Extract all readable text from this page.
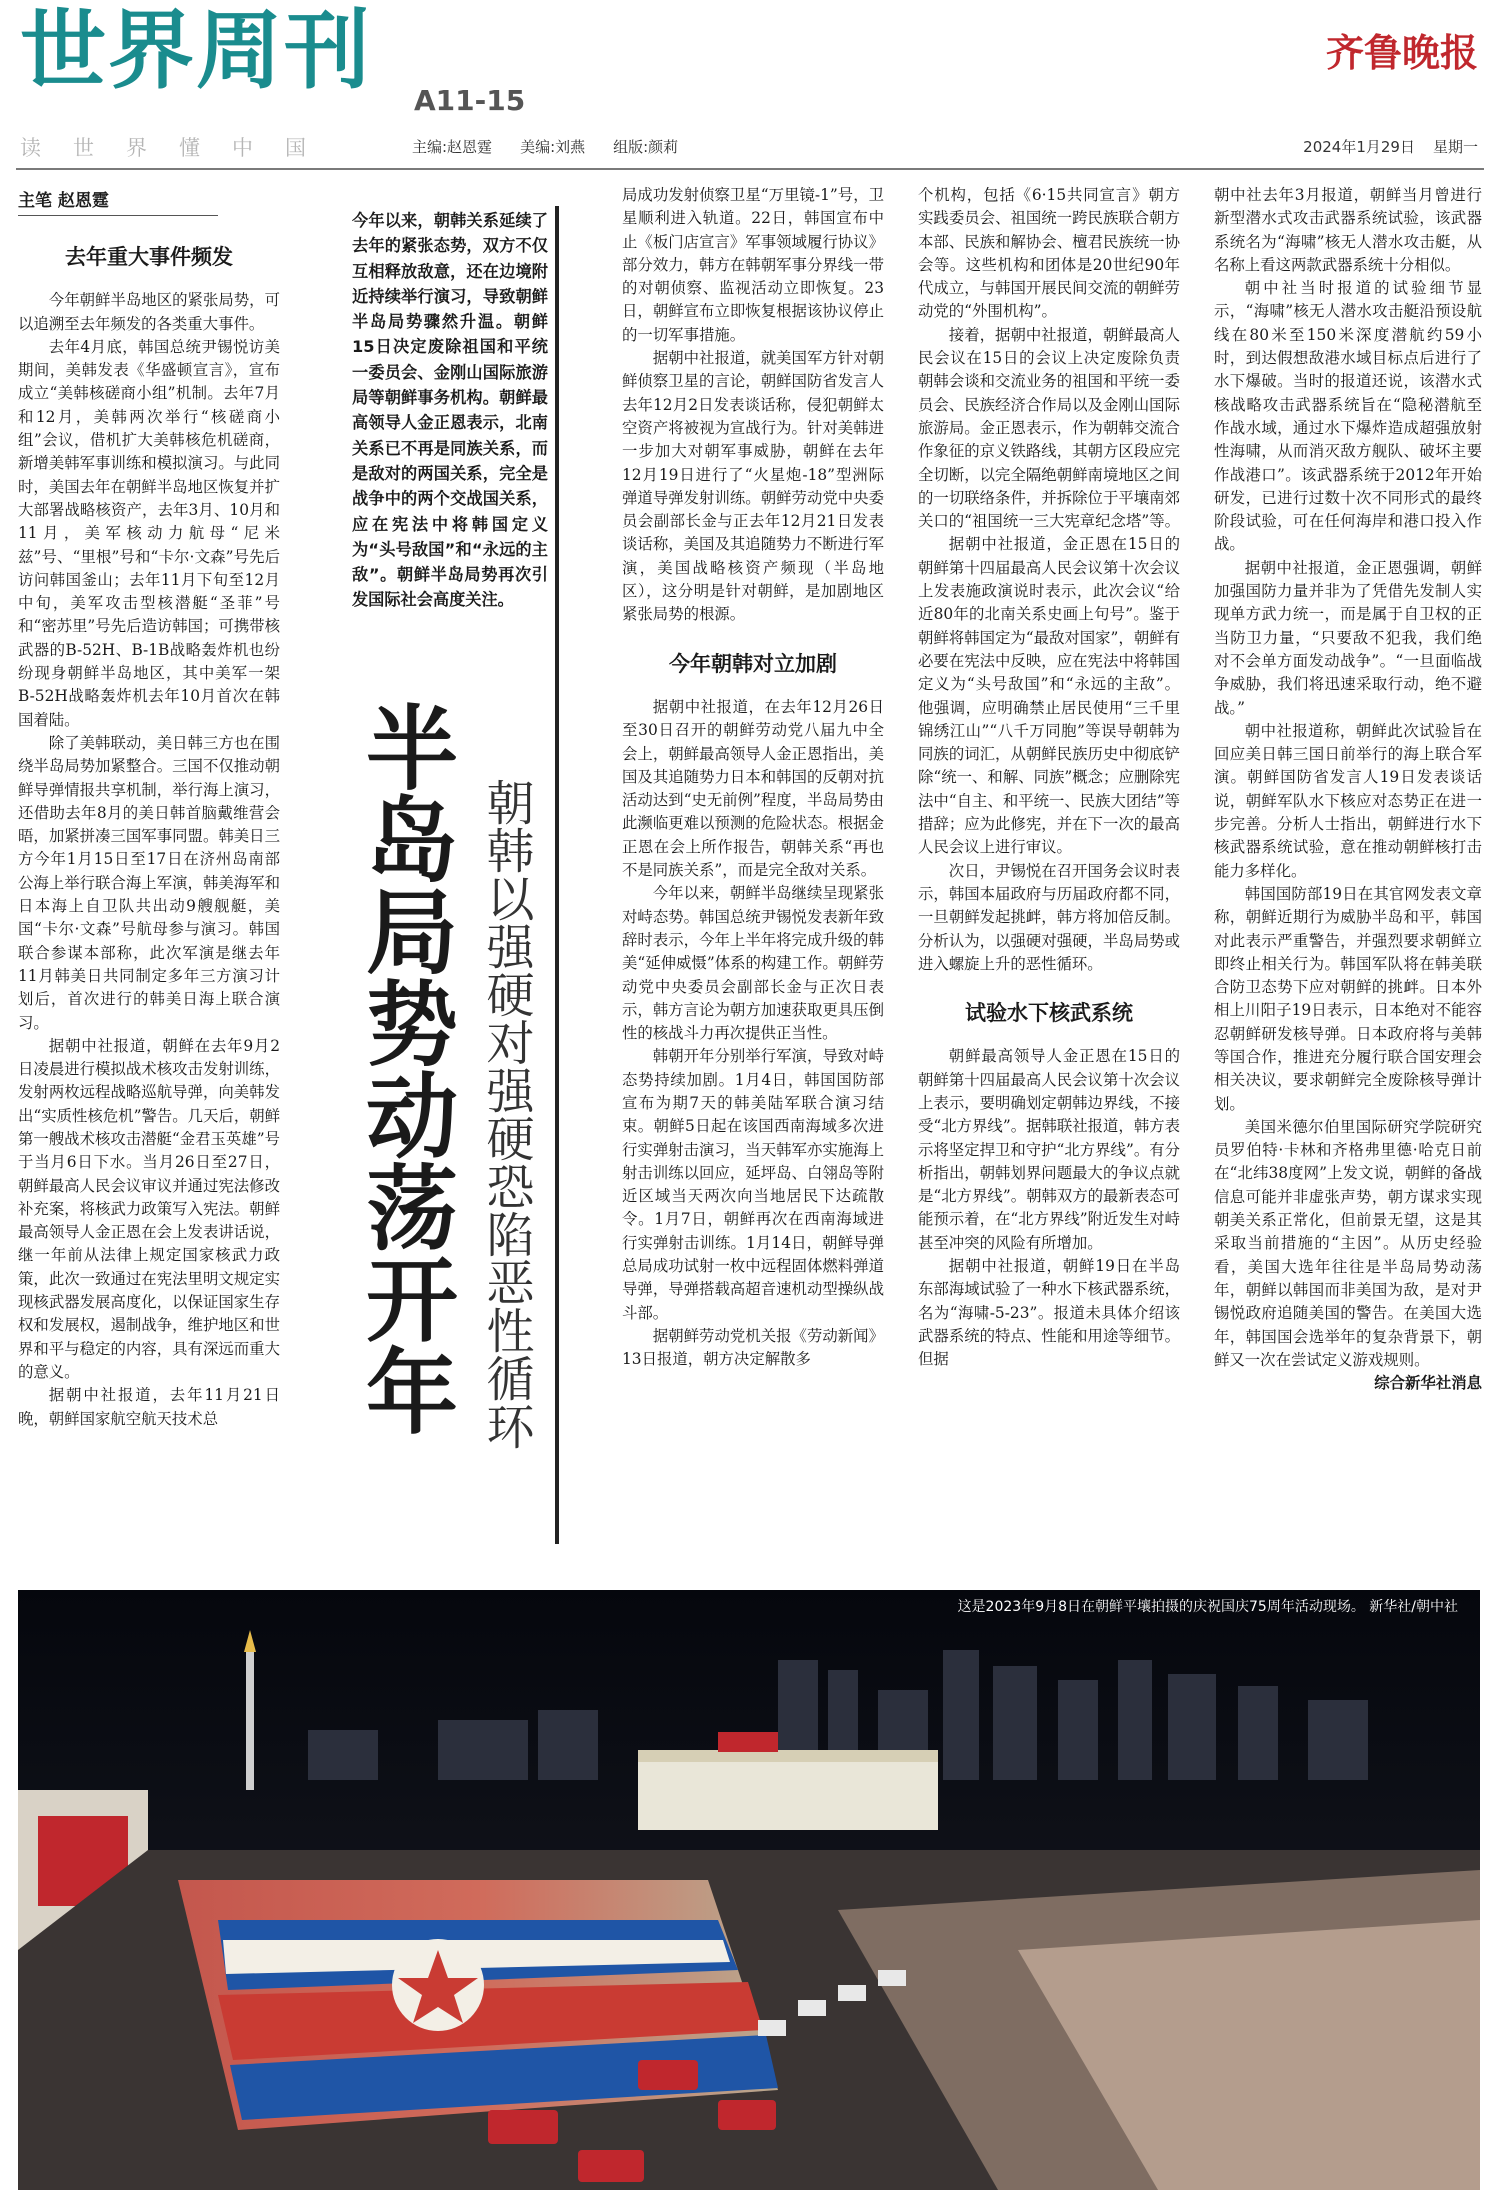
世界周刊 A11-15
齐鲁晚报
读 世 界 懂 中 国	主编:赵恩霆 美编:刘燕 组版:颜莉	2024年1月29日 星期一
主笔 赵恩霆

去年重大事件频发

今年朝鲜半岛地区的紧张局势，可以追溯至去年频发的各类重大事件。

去年4月底，韩国总统尹锡悦访美期间，美韩发表《华盛顿宣言》，宣布成立“美韩核磋商小组”机制。去年7月和12月，美韩两次举行“核磋商小组”会议，借机扩大美韩核危机磋商，新增美韩军事训练和模拟演习。与此同时，美国去年在朝鲜半岛地区恢复并扩大部署战略核资产，去年3月、10月和11月，美军核动力航母“尼米兹”号、“里根”号和“卡尔·文森”号先后访问韩国釜山；去年11月下旬至12月中旬，美军攻击型核潜艇“圣菲”号和“密苏里”号先后造访韩国；可携带核武器的B-52H、B-1B战略轰炸机也纷纷现身朝鲜半岛地区，其中美军一架B-52H战略轰炸机去年10月首次在韩国着陆。

除了美韩联动，美日韩三方也在围绕半岛局势加紧整合。三国不仅推动朝鲜导弹情报共享机制，举行海上演习，还借助去年8月的美日韩首脑戴维营会晤，加紧拼凑三国军事同盟。韩美日三方今年1月15日至17日在济州岛南部公海上举行联合海上军演，韩美海军和日本海上自卫队共出动9艘舰艇，美国“卡尔·文森”号航母参与演习。韩国联合参谋本部称，此次军演是继去年11月韩美日共同制定多年三方演习计划后，首次进行的韩美日海上联合演习。

据朝中社报道，朝鲜在去年9月2日凌晨进行模拟战术核攻击发射训练，发射两枚远程战略巡航导弹，向美韩发出“实质性核危机”警告。几天后，朝鲜第一艘战术核攻击潜艇“金君玉英雄”号于当月6日下水。当月26日至27日，朝鲜最高人民会议审议并通过宪法修改补充案，将核武力政策写入宪法。朝鲜最高领导人金正恩在会上发表讲话说，继一年前从法律上规定国家核武力政策，此次一致通过在宪法里明文规定实现核武器发展高度化，以保证国家生存权和发展权，遏制战争，维护地区和世界和平与稳定的内容，具有深远而重大的意义。

据朝中社报道，去年11月21日晚，朝鲜国家航空航天技术总

今年以来，朝韩关系延续了去年的紧张态势，双方不仅互相释放敌意，还在边境附近持续举行演习，导致朝鲜半岛局势骤然升温。朝鲜15日决定废除祖国和平统一委员会、金刚山国际旅游局等朝鲜事务机构。朝鲜最高领导人金正恩表示，北南关系已不再是同族关系，而是敌对的两国关系，完全是战争中的两个交战国关系，应在宪法中将韩国定义为“头号敌国”和“永远的主敌”。朝鲜半岛局势再次引发国际社会高度关注。
半岛局势动荡开年 朝韩以强硬对强硬恐陷恶性循环

局成功发射侦察卫星“万里镜-1”号，卫星顺利进入轨道。22日，韩国宣布中止《板门店宣言》军事领域履行协议》部分效力，韩方在韩朝军事分界线一带的对朝侦察、监视活动立即恢复。23日，朝鲜宣布立即恢复根据该协议停止的一切军事措施。

据朝中社报道，就美国军方针对朝鲜侦察卫星的言论，朝鲜国防省发言人去年12月2日发表谈话称，侵犯朝鲜太空资产将被视为宣战行为。针对美韩进一步加大对朝军事威胁，朝鲜在去年12月19日进行了“火星炮-18”型洲际弹道导弹发射训练。朝鲜劳动党中央委员会副部长金与正去年12月21日发表谈话称，美国及其追随势力不断进行军演，美国战略核资产频现（半岛地区），这分明是针对朝鲜，是加剧地区紧张局势的根源。

今年朝韩对立加剧

据朝中社报道，在去年12月26日至30日召开的朝鲜劳动党八届九中全会上，朝鲜最高领导人金正恩指出，美国及其追随势力日本和韩国的反朝对抗活动达到“史无前例”程度，半岛局势由此濒临更难以预测的危险状态。根据金正恩在会上所作报告，朝韩关系“再也不是同族关系”，而是完全敌对关系。

今年以来，朝鲜半岛继续呈现紧张对峙态势。韩国总统尹锡悦发表新年致辞时表示，今年上半年将完成升级的韩美“延伸威慑”体系的构建工作。朝鲜劳动党中央委员会副部长金与正次日表示，韩方言论为朝方加速获取更具压倒性的核战斗力再次提供正当性。

韩朝开年分别举行军演，导致对峙态势持续加剧。1月4日，韩国国防部宣布为期7天的韩美陆军联合演习结束。朝鲜5日起在该国西南海域多次进行实弹射击演习，当天韩军亦实施海上射击训练以回应，延坪岛、白翎岛等附近区域当天两次向当地居民下达疏散令。1月7日，朝鲜再次在西南海域进行实弹射击训练。1月14日，朝鲜导弹总局成功试射一枚中远程固体燃料弹道导弹，导弹搭载高超音速机动型操纵战斗部。

据朝鲜劳动党机关报《劳动新闻》13日报道，朝方决定解散多

个机构，包括《6·15共同宣言》朝方实践委员会、祖国统一跨民族联合朝方本部、民族和解协会、檀君民族统一协会等。这些机构和团体是20世纪90年代成立，与韩国开展民间交流的朝鲜劳动党的“外围机构”。

接着，据朝中社报道，朝鲜最高人民会议在15日的会议上决定废除负责朝韩会谈和交流业务的祖国和平统一委员会、民族经济合作局以及金刚山国际旅游局。金正恩表示，作为朝韩交流合作象征的京义铁路线，其朝方区段应完全切断，以完全隔绝朝鲜南境地区之间的一切联络条件，并拆除位于平壤南郊关口的“祖国统一三大宪章纪念塔”等。

据朝中社报道，金正恩在15日的朝鲜第十四届最高人民会议第十次会议上发表施政演说时表示，此次会议“给近80年的北南关系史画上句号”。鉴于朝鲜将韩国定为“最敌对国家”，朝鲜有必要在宪法中反映，应在宪法中将韩国定义为“头号敌国”和“永远的主敌”。他强调，应明确禁止居民使用“三千里锦绣江山”“八千万同胞”等误导朝韩为同族的词汇，从朝鲜民族历史中彻底铲除“统一、和解、同族”概念；应删除宪法中“自主、和平统一、民族大团结”等措辞；应为此修宪，并在下一次的最高人民会议上进行审议。

次日，尹锡悦在召开国务会议时表示，韩国本届政府与历届政府都不同，一旦朝鲜发起挑衅，韩方将加倍反制。分析认为，以强硬对强硬，半岛局势或进入螺旋上升的恶性循环。

试验水下核武系统

朝鲜最高领导人金正恩在15日的朝鲜第十四届最高人民会议第十次会议上表示，要明确划定朝韩边界线，不接受“北方界线”。据韩联社报道，韩方表示将坚定捍卫和守护“北方界线”。有分析指出，朝韩划界问题最大的争议点就是“北方界线”。朝韩双方的最新表态可能预示着，在“北方界线”附近发生对峙甚至冲突的风险有所增加。

据朝中社报道，朝鲜19日在半岛东部海域试验了一种水下核武器系统，名为“海啸-5-23”。报道未具体介绍该武器系统的特点、性能和用途等细节。但据

朝中社去年3月报道，朝鲜当月曾进行新型潜水式攻击武器系统试验，该武器系统名为“海啸”核无人潜水攻击艇，从名称上看这两款武器系统十分相似。

朝中社当时报道的试验细节显示，“海啸”核无人潜水攻击艇沿预设航线在80米至150米深度潜航约59小时，到达假想敌港水域目标点后进行了水下爆破。当时的报道还说，该潜水式核战略攻击武器系统旨在“隐秘潜航至作战水域，通过水下爆炸造成超强放射性海啸，从而消灭敌方舰队、破坏主要作战港口”。该武器系统于2012年开始研发，已进行过数十次不同形式的最终阶段试验，可在任何海岸和港口投入作战。

据朝中社报道，金正恩强调，朝鲜加强国防力量并非为了凭借先发制人实现单方武力统一，而是属于自卫权的正当防卫力量，“只要敌不犯我，我们绝对不会单方面发动战争”。“一旦面临战争威胁，我们将迅速采取行动，绝不避战。”

朝中社报道称，朝鲜此次试验旨在回应美日韩三国日前举行的海上联合军演。朝鲜国防省发言人19日发表谈话说，朝鲜军队水下核应对态势正在进一步完善。分析人士指出，朝鲜进行水下核武器系统试验，意在推动朝鲜核打击能力多样化。

韩国国防部19日在其官网发表文章称，朝鲜近期行为威胁半岛和平，韩国对此表示严重警告，并强烈要求朝鲜立即终止相关行为。韩国军队将在韩美联合防卫态势下应对朝鲜的挑衅。日本外相上川阳子19日表示，日本绝对不能容忍朝鲜研发核导弹。日本政府将与美韩等国合作，推进充分履行联合国安理会相关决议，要求朝鲜完全废除核导弹计划。

美国米德尔伯里国际研究学院研究员罗伯特·卡林和齐格弗里德·哈克日前在“北纬38度网”上发文说，朝鲜的备战信息可能并非虚张声势，朝方谋求实现朝美关系正常化，但前景无望，这是其采取当前措施的“主因”。从历史经验看，美国大选年往往是半岛局势动荡年，朝鲜以韩国而非美国为敌，是对尹锡悦政府追随美国的警告。在美国大选年，韩国国会选举年的复杂背景下，朝鲜又一次在尝试定义游戏规则。

综合新华社消息

这是2023年9月8日在朝鲜平壤拍摄的庆祝国庆75周年活动现场。 新华社/朝中社
